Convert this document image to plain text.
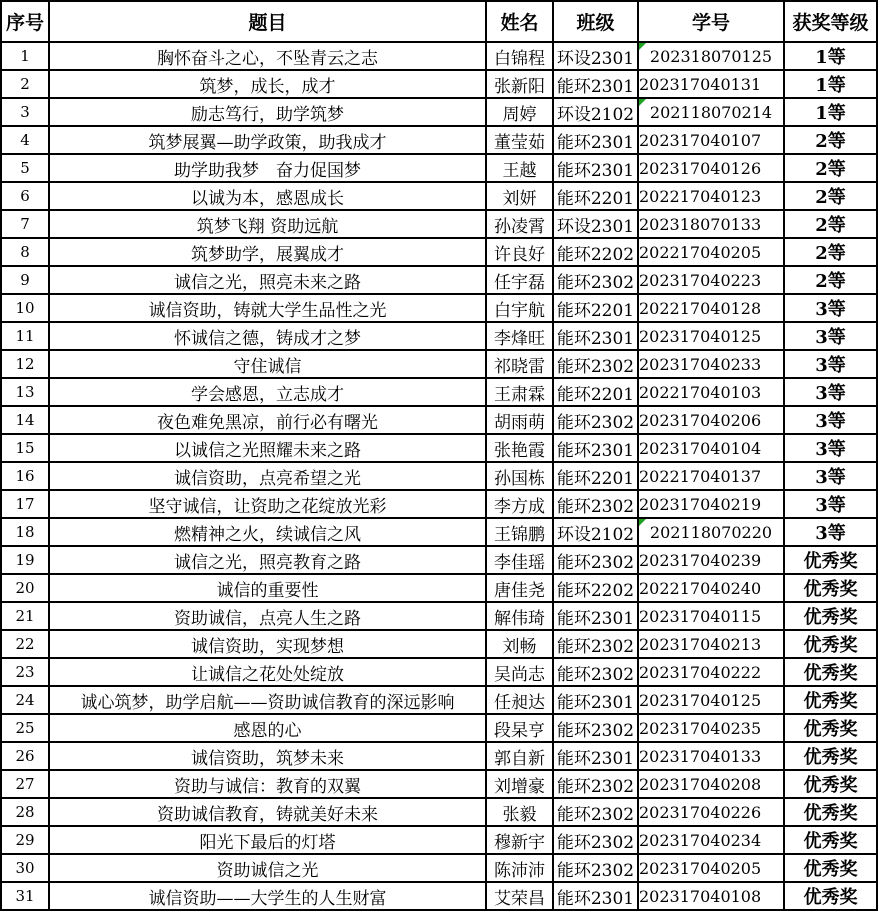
序号	题目	姓名	班级	学号	获奖等级
1	胸怀奋斗之心，不坠青云之志	白锦程	环设2301	202318070125	1等
2	筑梦，成长，成才	张新阳	能环2301	202317040131	1等
3	励志笃行，助学筑梦	周婷	环设2102	202118070214	1等
4	筑梦展翼—助学政策，助我成才	董莹茹	能环2301	202317040107	2等
5	助学助我梦　奋力促国梦	王越	能环2301	202317040126	2等
6	以诚为本，感恩成长	刘妍	能环2201	202217040123	2等
7	筑梦飞翔 资助远航	孙凌霄	环设2301	202318070133	2等
8	筑梦助学，展翼成才	许良好	能环2202	202217040205	2等
9	诚信之光，照亮未来之路	任宇磊	能环2302	202317040223	2等
10	诚信资助，铸就大学生品性之光	白宇航	能环2201	202217040128	3等
11	怀诚信之德，铸成才之梦	李烽旺	能环2301	202317040125	3等
12	守住诚信	祁晓雷	能环2302	202317040233	3等
13	学会感恩，立志成才	王肃霖	能环2201	202217040103	3等
14	夜色难免黑凉，前行必有曙光	胡雨萌	能环2302	202317040206	3等
15	以诚信之光照耀未来之路	张艳霞	能环2301	202317040104	3等
16	诚信资助，点亮希望之光	孙国栋	能环2201	202217040137	3等
17	坚守诚信，让资助之花绽放光彩	李方成	能环2302	202317040219	3等
18	燃精神之火，续诚信之风	王锦鹏	环设2102	202118070220	3等
19	诚信之光，照亮教育之路	李佳瑶	能环2302	202317040239	优秀奖
20	诚信的重要性	唐佳尧	能环2202	202217040240	优秀奖
21	资助诚信，点亮人生之路	解伟琦	能环2301	202317040115	优秀奖
22	诚信资助，实现梦想	刘畅	能环2302	202317040213	优秀奖
23	让诚信之花处处绽放	吴尚志	能环2302	202317040222	优秀奖
24	诚心筑梦，助学启航——资助诚信教育的深远影响	任昶达	能环2301	202317040125	优秀奖
25	感恩的心	段杲亨	能环2302	202317040235	优秀奖
26	诚信资助，筑梦未来	郭自新	能环2301	202317040133	优秀奖
27	资助与诚信：教育的双翼	刘增豪	能环2302	202317040208	优秀奖
28	资助诚信教育，铸就美好未来	张毅	能环2302	202317040226	优秀奖
29	阳光下最后的灯塔	穆新宇	能环2302	202317040234	优秀奖
30	资助诚信之光	陈沛沛	能环2302	202317040205	优秀奖
31	诚信资助——大学生的人生财富	艾荣昌	能环2301	202317040108	优秀奖
